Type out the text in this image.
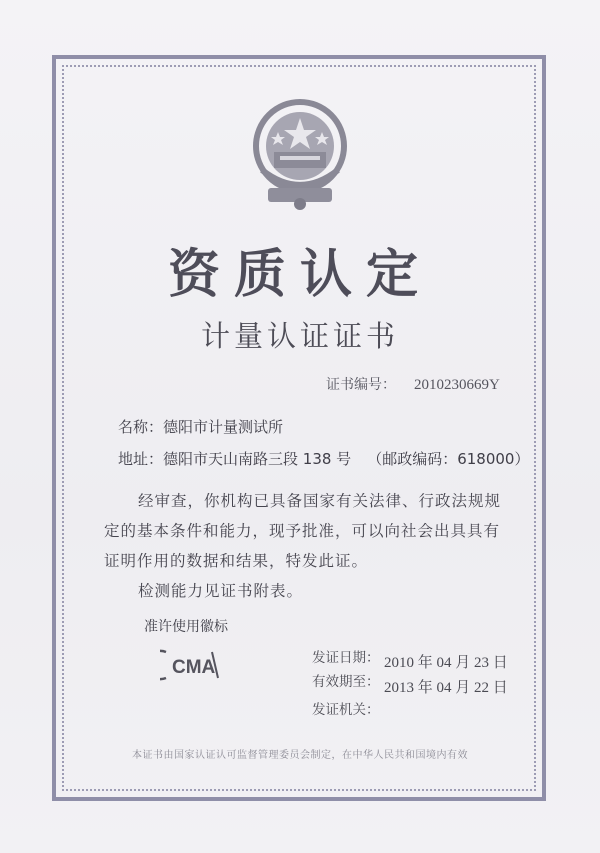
资质认定
计量认证证书
证书编号： 2010230669Y
名称：德阳市计量测试所
地址：德阳市天山南路三段 138 号 （邮政编码：618000）
经审查，你机构已具备国家有关法律、行政法规规定的基本条件和能力，现予批准，可以向社会出具具有证明作用的数据和结果，特发此证。
检测能力见证书附表。
准许使用徽标
CMA	发证日期： 2010 年 04 月 23 日
有效期至： 2013 年 04 月 22 日
发证机关：
本证书由国家认证认可监督管理委员会制定，在中华人民共和国境内有效
